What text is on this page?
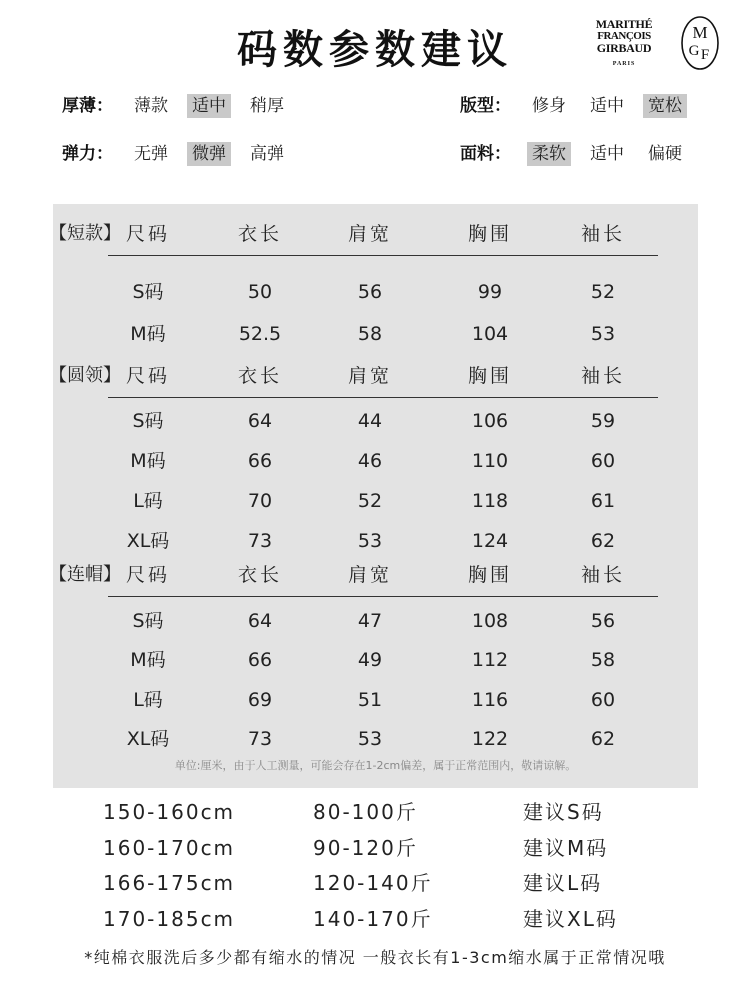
码数参数建议
MARITHÉ
FRANÇOIS
GIRBAUD
PARIS
M
G F
厚薄： 薄款 适中 稍厚	版型： 修身 适中 宽松
弹力： 无弹 微弹 高弹	面料： 柔软 适中 偏硬
【短款】 尺码	衣长	肩宽	胸围	袖长
S码	50	56	99	52
M码	52.5	58	104	53
【圆领】 尺码	衣长	肩宽	胸围	袖长
S码	64	44	106	59
M码	66	46	110	60
L码	70	52	118	61
XL码	73	53	124	62
【连帽】 尺码	衣长	肩宽	胸围	袖长
S码	64	47	108	56
M码	66	49	112	58
L码	69	51	116	60
XL码	73	53	122	62
单位:厘米，由于人工测量，可能会存在1-2cm偏差，属于正常范围内，敬请谅解。
150-160cm	80-100斤	建议S码
160-170cm	90-120斤	建议M码
166-175cm	120-140斤	建议L码
170-185cm	140-170斤	建议XL码
*纯棉衣服洗后多少都有缩水的情况 一般衣长有1-3cm缩水属于正常情况哦
